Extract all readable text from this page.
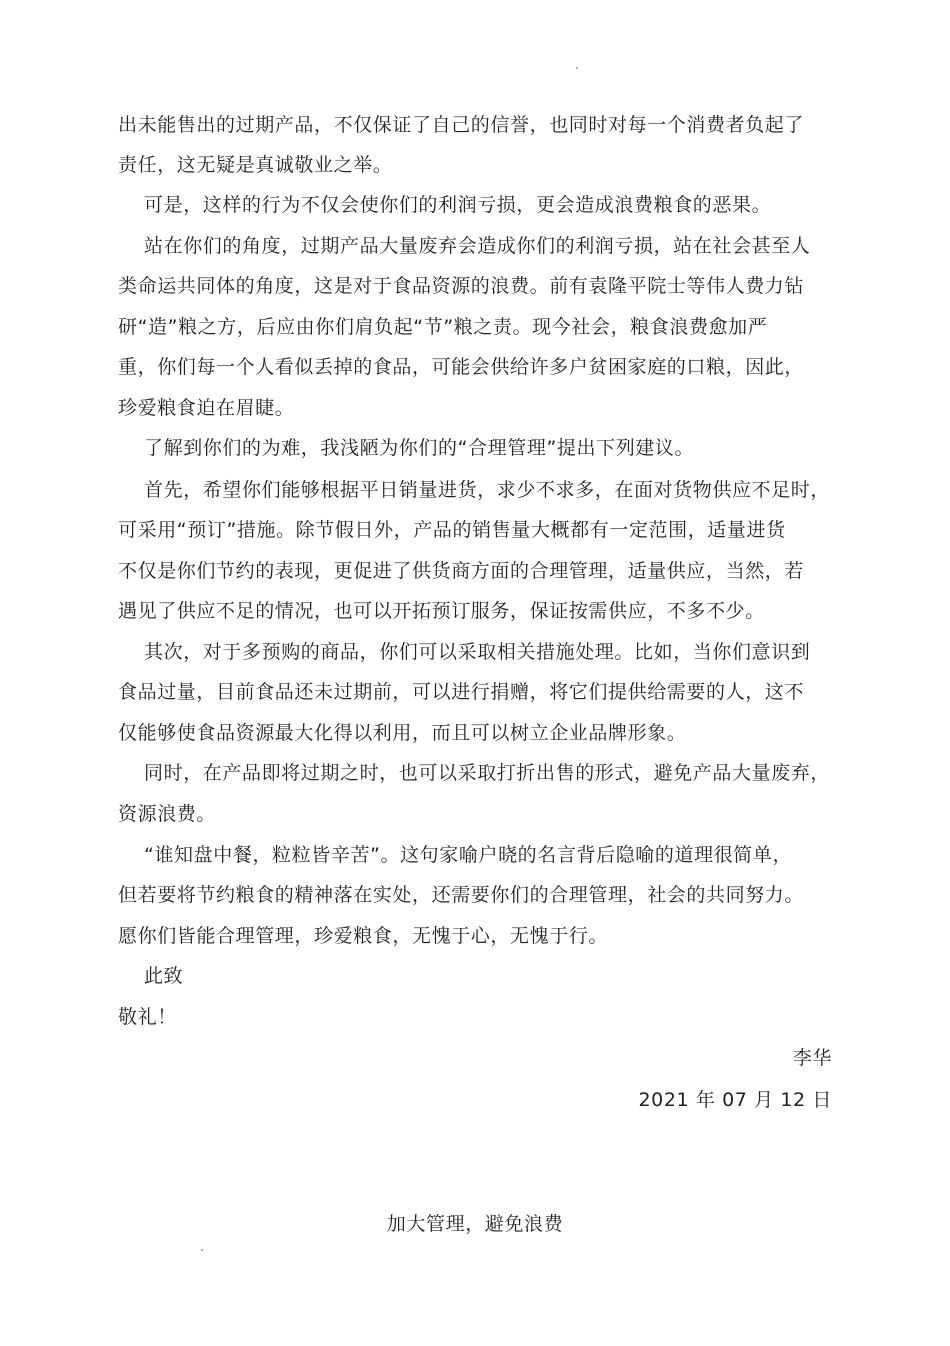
出未能售出的过期产品，不仅保证了自己的信誉，也同时对每一个消费者负起了
责任，这无疑是真诚敬业之举。
可是，这样的行为不仅会使你们的利润亏损，更会造成浪费粮食的恶果。
站在你们的角度，过期产品大量废弃会造成你们的利润亏损，站在社会甚至人
类命运共同体的角度，这是对于食品资源的浪费。前有袁隆平院士等伟人费力钻
研“造”粮之方，后应由你们肩负起“节”粮之责。现今社会，粮食浪费愈加严
重，你们每一个人看似丢掉的食品，可能会供给许多户贫困家庭的口粮，因此，
珍爱粮食迫在眉睫。
了解到你们的为难，我浅陋为你们的“合理管理”提出下列建议。
首先，希望你们能够根据平日销量进货，求少不求多，在面对货物供应不足时，
可采用“预订”措施。除节假日外，产品的销售量大概都有一定范围，适量进货
不仅是你们节约的表现，更促进了供货商方面的合理管理，适量供应，当然，若
遇见了供应不足的情况，也可以开拓预订服务，保证按需供应，不多不少。
其次，对于多预购的商品，你们可以采取相关措施处理。比如，当你们意识到
食品过量，目前食品还未过期前，可以进行捐赠，将它们提供给需要的人，这不
仅能够使食品资源最大化得以利用，而且可以树立企业品牌形象。
同时，在产品即将过期之时，也可以采取打折出售的形式，避免产品大量废弃，
资源浪费。
“谁知盘中餐，粒粒皆辛苦”。这句家喻户晓的名言背后隐喻的道理很简单，
但若要将节约粮食的精神落在实处，还需要你们的合理管理，社会的共同努力。
愿你们皆能合理管理，珍爱粮食，无愧于心，无愧于行。
此致
敬礼！
李华
2021 年 07 月 12 日
加大管理，避免浪费
